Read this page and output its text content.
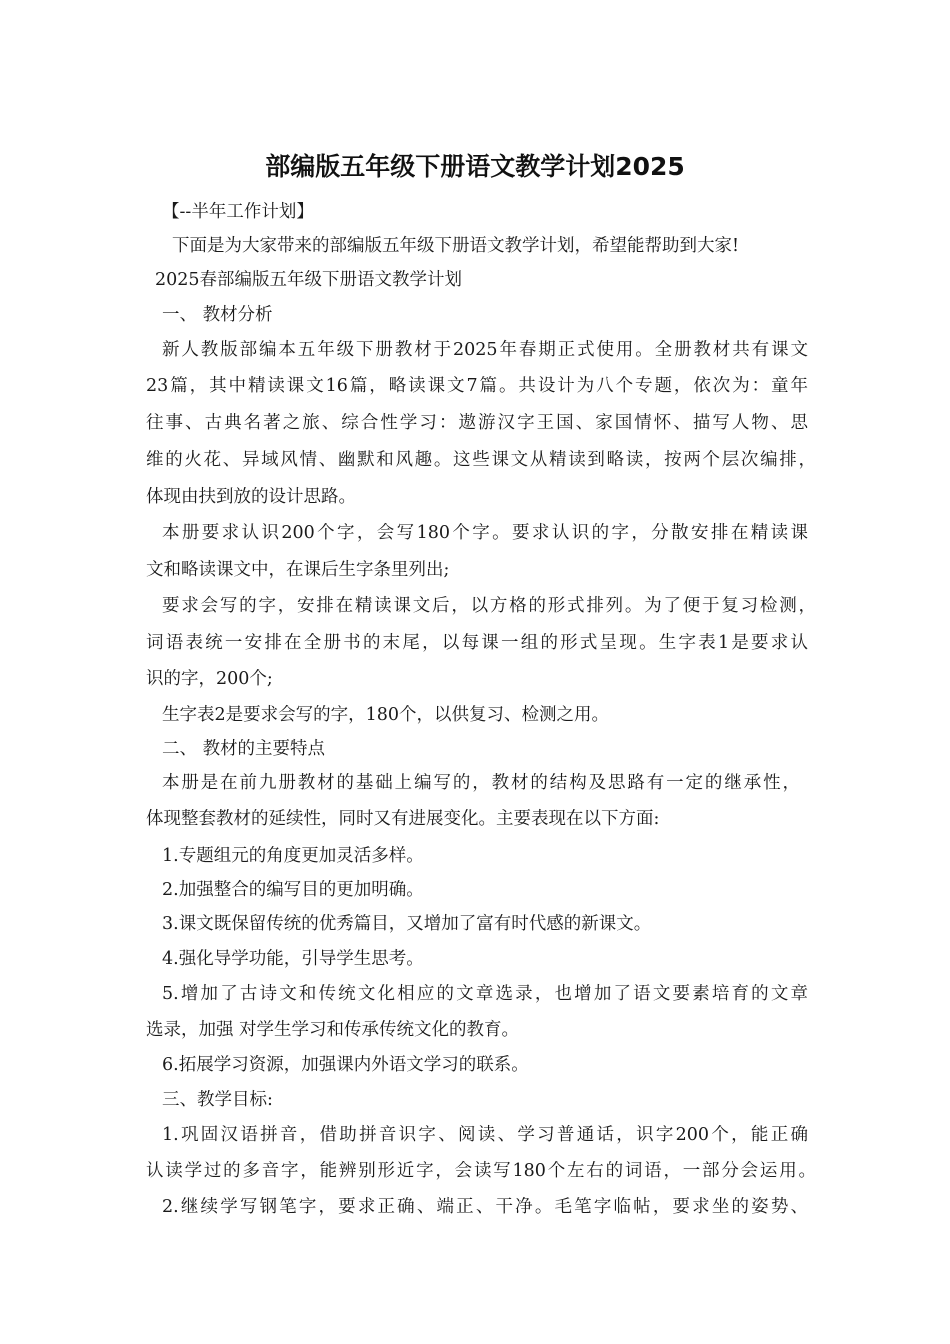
部编版五年级下册语文教学计划2025
【--半年工作计划】
下面是为大家带来的部编版五年级下册语文教学计划，希望能帮助到大家!
2025春部编版五年级下册语文教学计划
一、 教材分析
新人教版部编本五年级下册教材于2025年春期正式使用。全册教材共有课文
23篇，其中精读课文16篇，略读课文7篇。共设计为八个专题，依次为：童年
往事、古典名著之旅、综合性学习：遨游汉字王国、家国情怀、描写人物、思
维的火花、异域风情、幽默和风趣。这些课文从精读到略读，按两个层次编排，
体现由扶到放的设计思路。
本册要求认识200个字，会写180个字。要求认识的字，分散安排在精读课
文和略读课文中，在课后生字条里列出;
要求会写的字，安排在精读课文后，以方格的形式排列。为了便于复习检测，
词语表统一安排在全册书的末尾，以每课一组的形式呈现。生字表1是要求认
识的字，200个;
生字表2是要求会写的字，180个，以供复习、检测之用。
二、 教材的主要特点
本册是在前九册教材的基础上编写的，教材的结构及思路有一定的继承性，
体现整套教材的延续性，同时又有进展变化。主要表现在以下方面:
1.专题组元的角度更加灵活多样。
2.加强整合的编写目的更加明确。
3.课文既保留传统的优秀篇目，又增加了富有时代感的新课文。
4.强化导学功能，引导学生思考。
5.增加了古诗文和传统文化相应的文章选录，也增加了语文要素培育的文章
选录，加强 对学生学习和传承传统文化的教育。
6.拓展学习资源，加强课内外语文学习的联系。
三、教学目标:
1.巩固汉语拼音，借助拼音识字、阅读、学习普通话，识字200个，能正确
认读学过的多音字，能辨别形近字，会读写180个左右的词语，一部分会运用。
2.继续学写钢笔字，要求正确、端正、干净。毛笔字临帖，要求坐的姿势、
